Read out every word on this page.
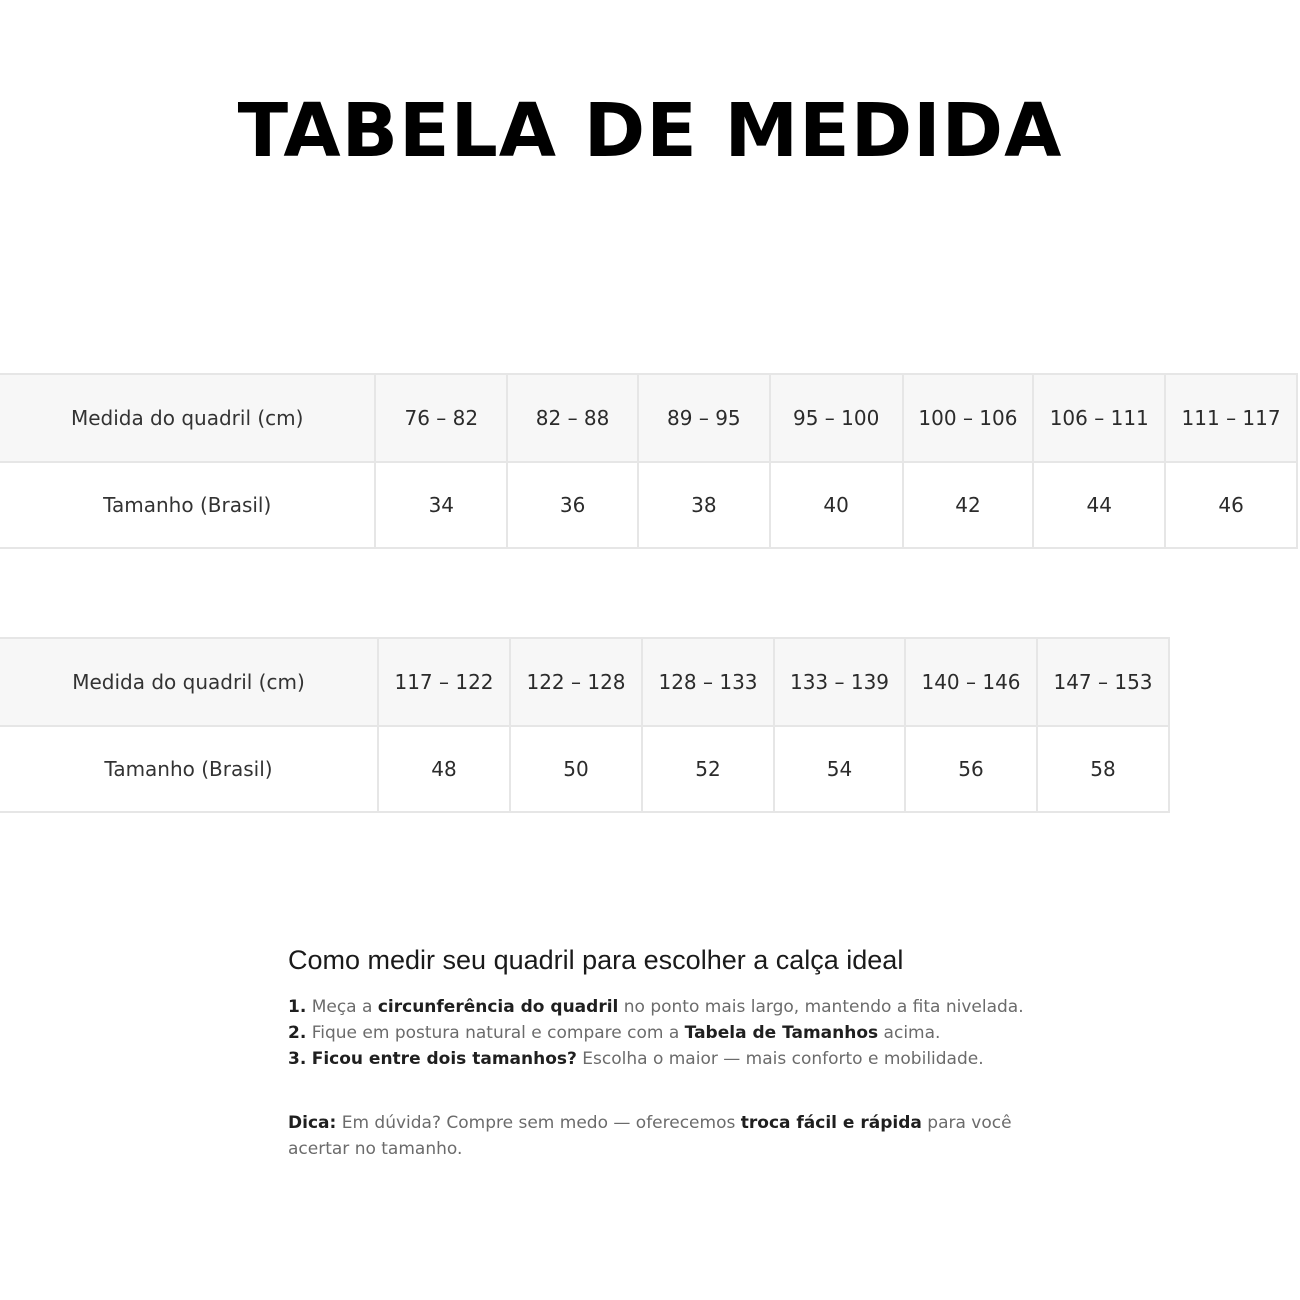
TABELA DE MEDIDA
Medida do quadril (cm)	76 – 82	82 – 88	89 – 95	95 – 100	100 – 106	106 – 111	111 – 117
Tamanho (Brasil)	34	36	38	40	42	44	46
Medida do quadril (cm)	117 – 122	122 – 128	128 – 133	133 – 139	140 – 146	147 – 153
Tamanho (Brasil)	48	50	52	54	56	58
Como medir seu quadril para escolher a calça ideal
1. Meça a circunferência do quadril no ponto mais largo, mantendo a fita nivelada.
2. Fique em postura natural e compare com a Tabela de Tamanhos acima.
3. Ficou entre dois tamanhos? Escolha o maior — mais conforto e mobilidade.
Dica: Em dúvida? Compre sem medo — oferecemos troca fácil e rápida para você acertar no tamanho.
